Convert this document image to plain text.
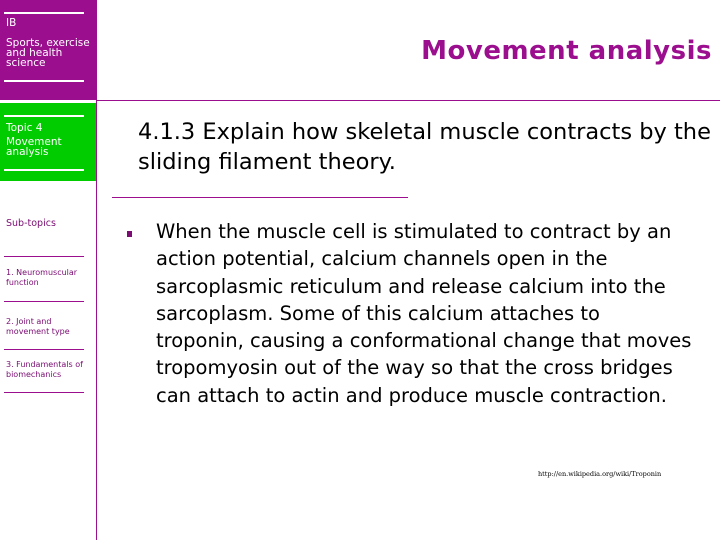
IB
Sports, exercise and health science
Topic 4
Movement analysis
Sub-topics
1. Neuromuscular function
2. Joint and movement type
3. Fundamentals of biomechanics
Movement analysis
4.1.3 Explain how skeletal muscle contracts by the sliding filament theory.
When the muscle cell is stimulated to contract by an action potential, calcium channels open in the sarcoplasmic reticulum and release calcium into the sarcoplasm. Some of this calcium attaches to troponin, causing a conformational change that moves tropomyosin out of the way so that the cross bridges can attach to actin and produce muscle contraction.
http://en.wikipedia.org/wiki/Troponin
